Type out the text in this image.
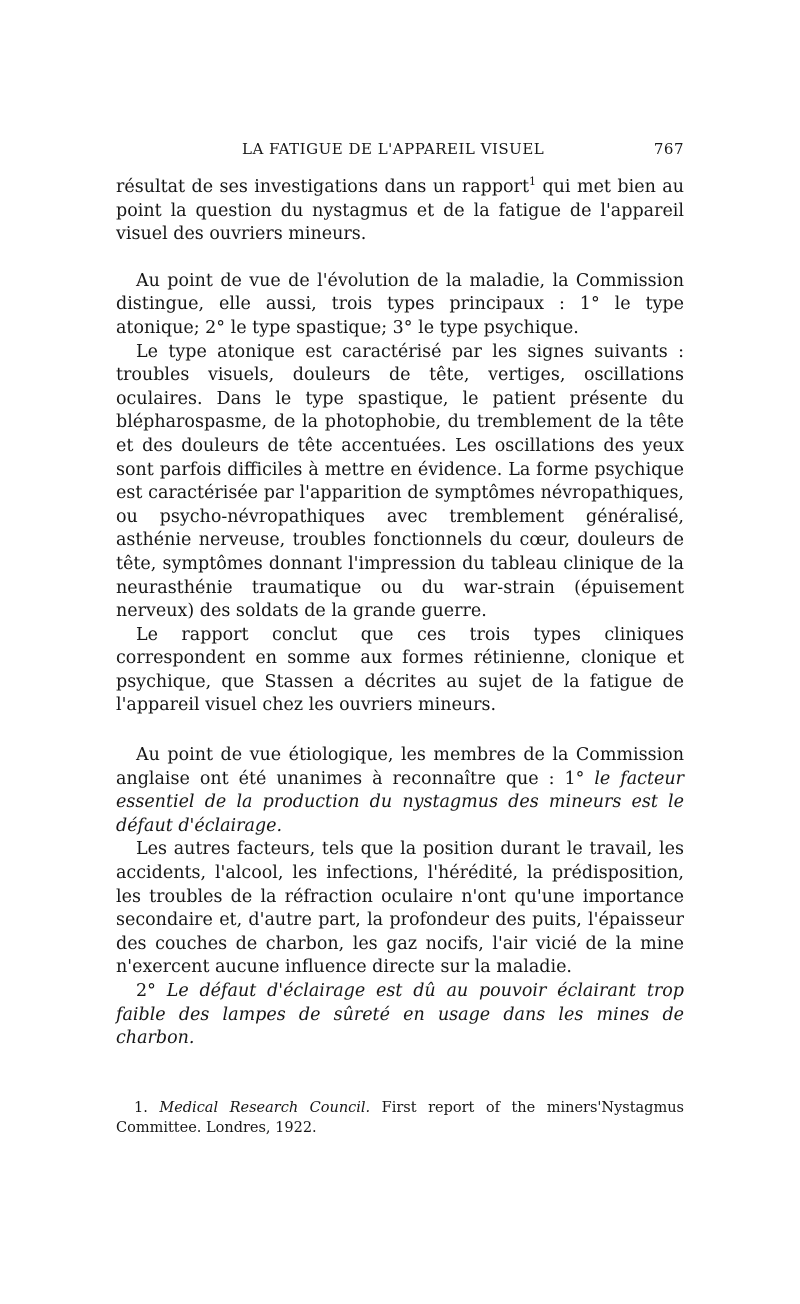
LA FATIGUE DE L'APPAREIL VISUEL	767

résultat de ses investigations dans un rapport$^1$ qui met bien au point la question du nystagmus et de la fatigue de l'appareil visuel des ouvriers mineurs.

Au point de vue de l'évolution de la maladie, la Commission distingue, elle aussi, trois types principaux : 1° le type atonique; 2° le type spastique; 3° le type psychique.

Le type atonique est caractérisé par les signes suivants : troubles visuels, douleurs de tête, vertiges, oscillations oculaires. Dans le type spastique, le patient présente du blépharospasme, de la photophobie, du tremblement de la tête et des douleurs de tête accentuées. Les oscillations des yeux sont parfois difficiles à mettre en évidence. La forme psychique est caractérisée par l'apparition de symptômes névropathiques, ou psycho-névropathiques avec tremblement généralisé, asthénie nerveuse, troubles fonctionnels du cœur, douleurs de tête, symptômes donnant l'impression du tableau clinique de la neurasthénie traumatique ou du war-strain (épuisement nerveux) des soldats de la grande guerre.

Le rapport conclut que ces trois types cliniques correspondent en somme aux formes rétinienne, clonique et psychique, que Stassen a décrites au sujet de la fatigue de l'appareil visuel chez les ouvriers mineurs.

Au point de vue étiologique, les membres de la Commission anglaise ont été unanimes à reconnaître que : 1° le facteur essentiel de la production du nystagmus des mineurs est le défaut d'éclairage.

Les autres facteurs, tels que la position durant le travail, les accidents, l'alcool, les infections, l'hérédité, la prédisposition, les troubles de la réfraction oculaire n'ont qu'une importance secondaire et, d'autre part, la profondeur des puits, l'épaisseur des couches de charbon, les gaz nocifs, l'air vicié de la mine n'exercent aucune influence directe sur la maladie.

2° Le défaut d'éclairage est dû au pouvoir éclairant trop faible des lampes de sûreté en usage dans les mines de charbon.

1. Medical Research Council. First report of the miners'Nystagmus Committee. Londres, 1922.
